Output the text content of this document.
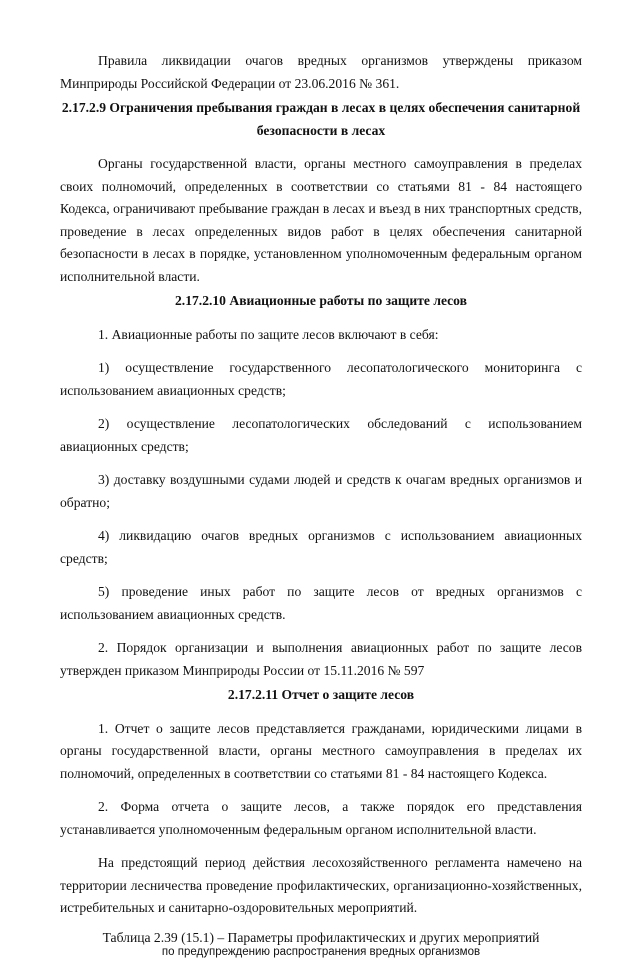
Правила ликвидации очагов вредных организмов утверждены приказом Минприроды Российской Федерации от 23.06.2016 № 361.

2.17.2.9 Ограничения пребывания граждан в лесах в целях обеспечения санитарной безопасности в лесах

Органы государственной власти, органы местного самоуправления в пределах своих полномочий, определенных в соответствии со статьями 81 - 84 настоящего Кодекса, ограничивают пребывание граждан в лесах и въезд в них транспортных средств, проведение в лесах определенных видов работ в целях обеспечения санитарной безопасности в лесах в порядке, установленном уполномоченным федеральным органом исполнительной власти.

2.17.2.10 Авиационные работы по защите лесов

1. Авиационные работы по защите лесов включают в себя:

1) осуществление государственного лесопатологического мониторинга с использованием авиационных средств;

2) осуществление лесопатологических обследований с использованием авиационных средств;

3) доставку воздушными судами людей и средств к очагам вредных организмов и обратно;

4) ликвидацию очагов вредных организмов с использованием авиационных средств;

5) проведение иных работ по защите лесов от вредных организмов с использованием авиационных средств.

2. Порядок организации и выполнения авиационных работ по защите лесов утвержден приказом Минприроды России от 15.11.2016 № 597

2.17.2.11 Отчет о защите лесов

1. Отчет о защите лесов представляется гражданами, юридическими лицами в органы государственной власти, органы местного самоуправления в пределах их полномочий, определенных в соответствии со статьями 81 - 84 настоящего Кодекса.

2. Форма отчета о защите лесов, а также порядок его представления устанавливается уполномоченным федеральным органом исполнительной власти.

На предстоящий период действия лесохозяйственного регламента намечено на территории лесничества проведение профилактических, организационно-хозяйственных, истребительных и санитарно-оздоровительных мероприятий.

Таблица 2.39 (15.1) – Параметры профилактических и других мероприятий
по предупреждению распространения вредных организмов
